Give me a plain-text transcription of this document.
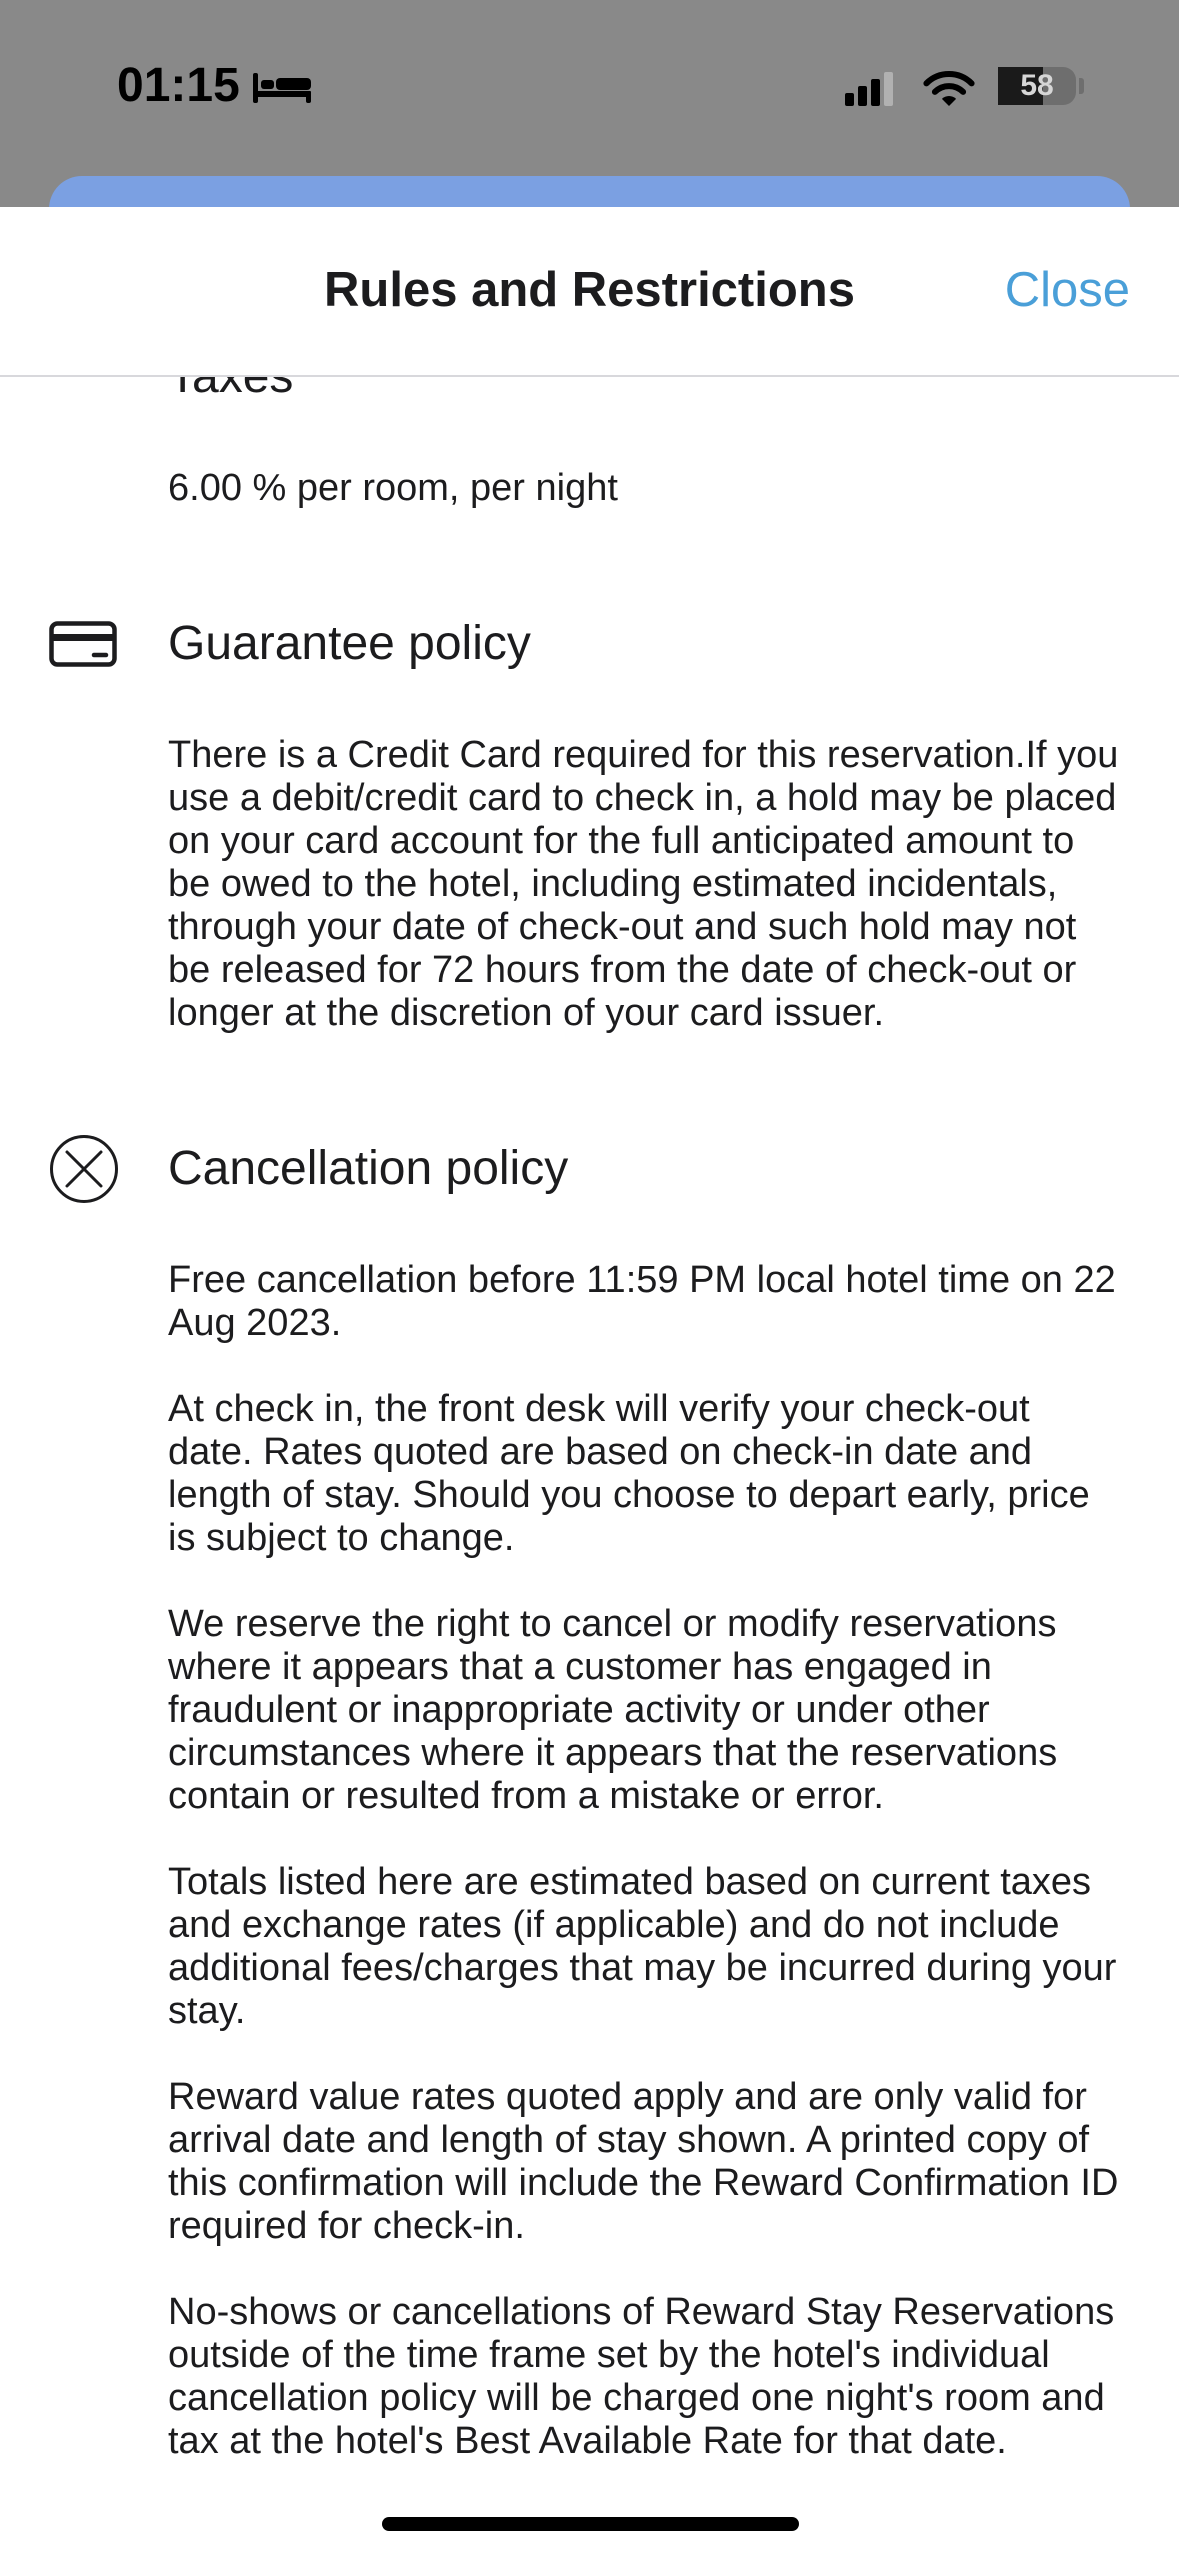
01:15	58
Rules and Restrictions	Close

6.00 % per room, per night

Guarantee policy

There is a Credit Card required for this reservation.If you
use a debit/credit card to check in, a hold may be placed
on your card account for the full anticipated amount to
be owed to the hotel, including estimated incidentals,
through your date of check-out and such hold may not
be released for 72 hours from the date of check-out or
longer at the discretion of your card issuer.

Cancellation policy

Free cancellation before 11:59 PM local hotel time on 22
Aug 2023.

At check in, the front desk will verify your check-out
date. Rates quoted are based on check-in date and
length of stay. Should you choose to depart early, price
is subject to change.

We reserve the right to cancel or modify reservations
where it appears that a customer has engaged in
fraudulent or inappropriate activity or under other
circumstances where it appears that the reservations
contain or resulted from a mistake or error.

Totals listed here are estimated based on current taxes
and exchange rates (if applicable) and do not include
additional fees/charges that may be incurred during your
stay.

Reward value rates quoted apply and are only valid for
arrival date and length of stay shown. A printed copy of
this confirmation will include the Reward Confirmation ID
required for check-in.

No-shows or cancellations of Reward Stay Reservations
outside of the time frame set by the hotel's individual
cancellation policy will be charged one night's room and
tax at the hotel's Best Available Rate for that date.
